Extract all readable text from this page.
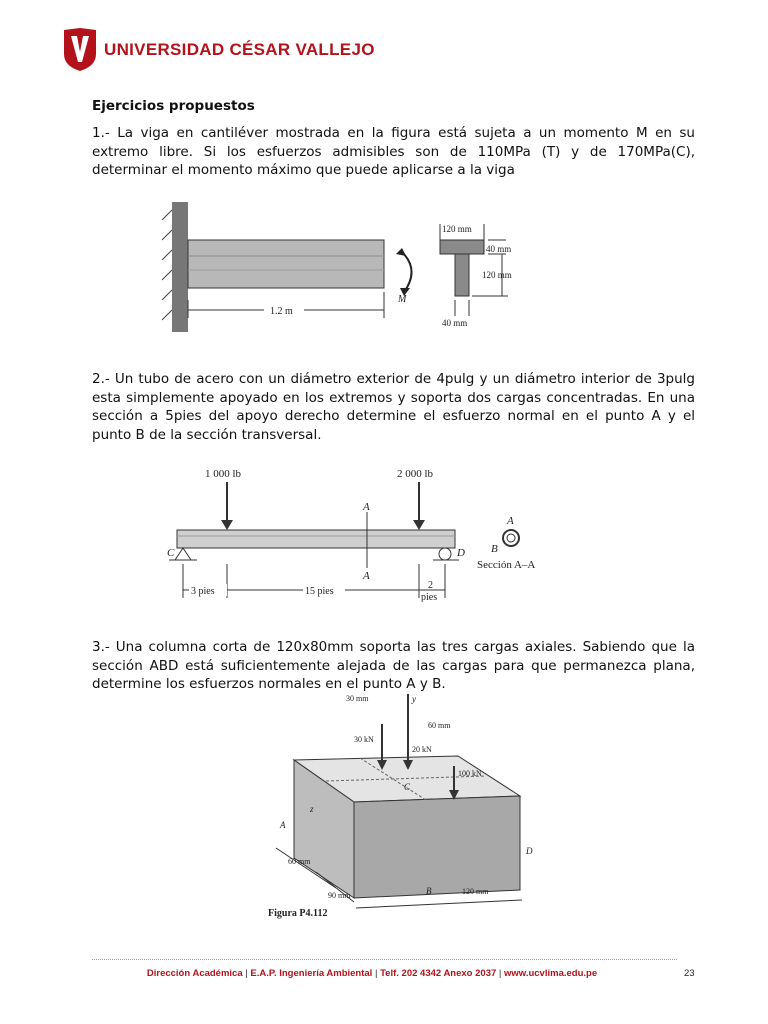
UNIVERSIDAD CÉSAR VALLEJO
Ejercicios propuestos
1.- La viga en cantiléver mostrada en la figura está sujeta a un momento M en su extremo libre. Si los esfuerzos admisibles son de 110MPa (T) y de 170MPa(C), determinar el momento máximo que puede aplicarse a la viga
1.2 m
M
120 mm
40 mm
120 mm
40 mm
2.- Un tubo de acero con un diámetro exterior de 4pulg y un diámetro interior de 3pulg esta simplemente apoyado en los extremos y soporta dos cargas concentradas. En una sección a 5pies del apoyo derecho determine el esfuerzo normal en el punto A y el punto B de la sección transversal.
1 000 lb	2 000 lb
A
A
C	D
3 pies	15 pies
2
pies
A
B
Sección A–A
3.- Una columna corta de 120x80mm soporta las tres cargas axiales. Sabiendo que la sección ABD está suficientemente alejada de las cargas para que permanezca plana, determine los esfuerzos normales en el punto A y B.
30 mm	y
60 mm
30 kN
20 kN
100 kN
C
z
A
D
B
60 mm
90 mm	120 mm
Figura P4.112
Dirección Académica | E.A.P. Ingeniería Ambiental | Telf. 202 4342 Anexo 2037 | www.ucvlima.edu.pe	23
